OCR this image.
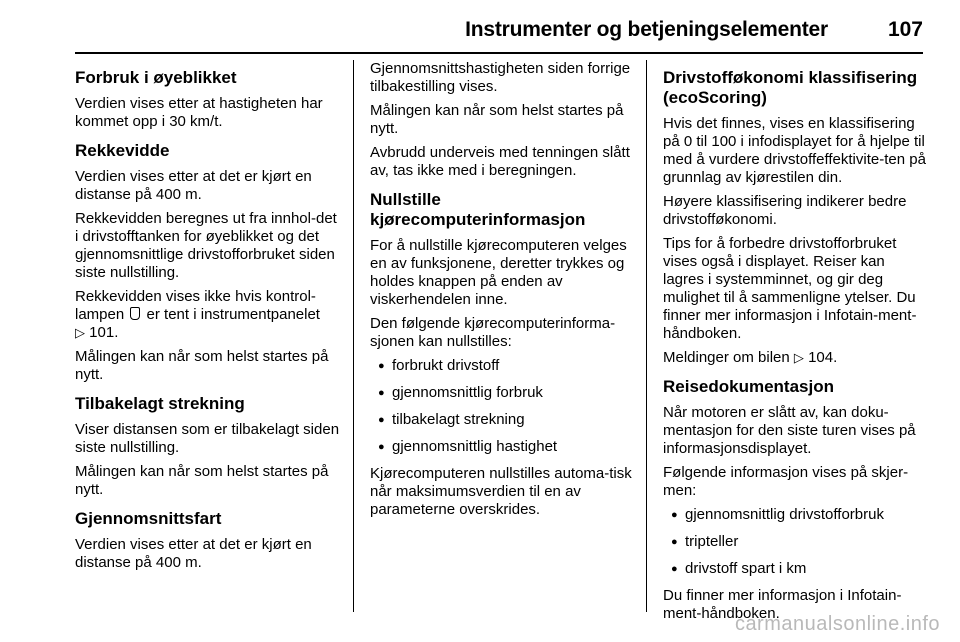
Instrumenter og betjeningselementer	107
Forbruk i øyeblikket

Verdien vises etter at hastigheten har kommet opp i 30 km/t.

Rekkevidde

Verdien vises etter at det er kjørt en distanse på 400 m.

Rekkevidden beregnes ut fra innhol-det i drivstofftanken for øyeblikket og det gjennomsnittlige drivstofforbruket siden siste nullstilling.

Rekkevidden vises ikke hvis kontrol-lampen er tent i instrumentpanelet
▷ 101.

Målingen kan når som helst startes på nytt.

Tilbakelagt strekning

Viser distansen som er tilbakelagt siden siste nullstilling.

Målingen kan når som helst startes på nytt.

Gjennomsnittsfart

Verdien vises etter at det er kjørt en distanse på 400 m.

Gjennomsnittshastigheten siden forrige tilbakestilling vises.

Målingen kan når som helst startes på nytt.

Avbrudd underveis med tenningen slått av, tas ikke med i beregningen.

Nullstille kjørecomputerinformasjon

For å nullstille kjørecomputeren velges en av funksjonene, deretter trykkes og holdes knappen på enden av viskerhendelen inne.

Den følgende kjørecomputerinforma-sjonen kan nullstilles:

● forbrukt drivstoff
● gjennomsnittlig forbruk
● tilbakelagt strekning
● gjennomsnittlig hastighet

Kjørecomputeren nullstilles automa-tisk når maksimumsverdien til en av parameterne overskrides.

Drivstofføkonomi klassifisering (ecoScoring)

Hvis det finnes, vises en klassifisering på 0 til 100 i infodisplayet for å hjelpe til med å vurdere drivstoffeffektivite-ten på grunnlag av kjørestilen din.

Høyere klassifisering indikerer bedre drivstofføkonomi.

Tips for å forbedre drivstofforbruket vises også i displayet. Reiser kan lagres i systemminnet, og gir deg mulighet til å sammenligne ytelser. Du finner mer informasjon i Infotain-ment-håndboken.

Meldinger om bilen ▷ 104.

Reisedokumentasjon

Når motoren er slått av, kan doku-mentasjon for den siste turen vises på informasjonsdisplayet.

Følgende informasjon vises på skjer-men:

● gjennomsnittlig drivstofforbruk
● tripteller
● drivstoff spart i km

Du finner mer informasjon i Infotain-ment-håndboken.

carmanualsonline.info
